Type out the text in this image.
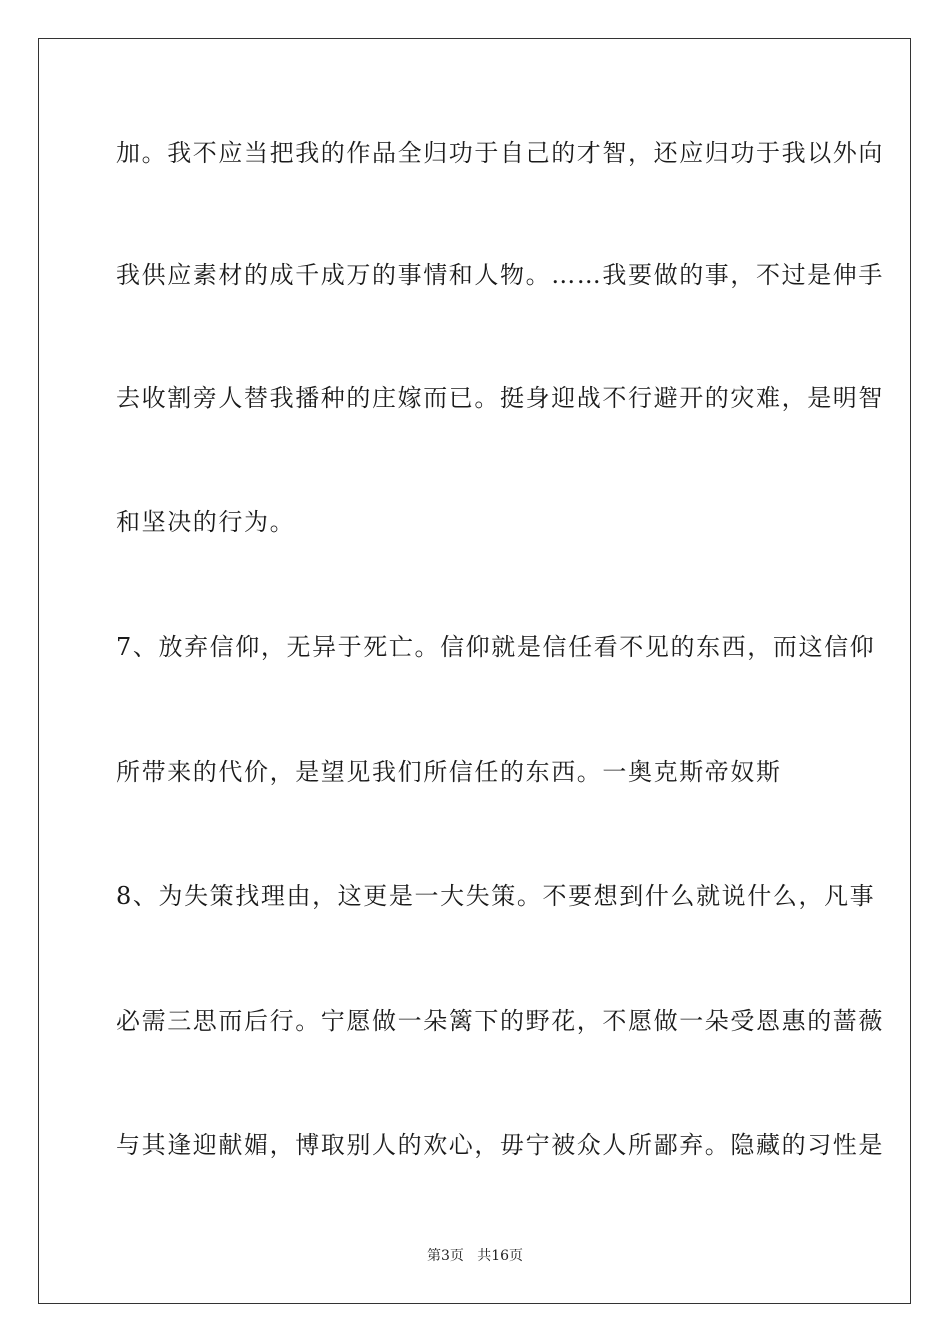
加。我不应当把我的作品全归功于自己的才智，还应归功于我以外向
我供应素材的成千成万的事情和人物。……我要做的事，不过是伸手
去收割旁人替我播种的庄嫁而已。挺身迎战不行避开的灾难，是明智
和坚决的行为。
7、放弃信仰，无异于死亡。信仰就是信任看不见的东西，而这信仰
所带来的代价，是望见我们所信任的东西。一奥克斯帝奴斯
8、为失策找理由，这更是一大失策。不要想到什么就说什么，凡事
必需三思而后行。宁愿做一朵篱下的野花，不愿做一朵受恩惠的蔷薇
与其逢迎献媚，博取别人的欢心，毋宁被众人所鄙弃。隐藏的习性是
第3页 共16页
